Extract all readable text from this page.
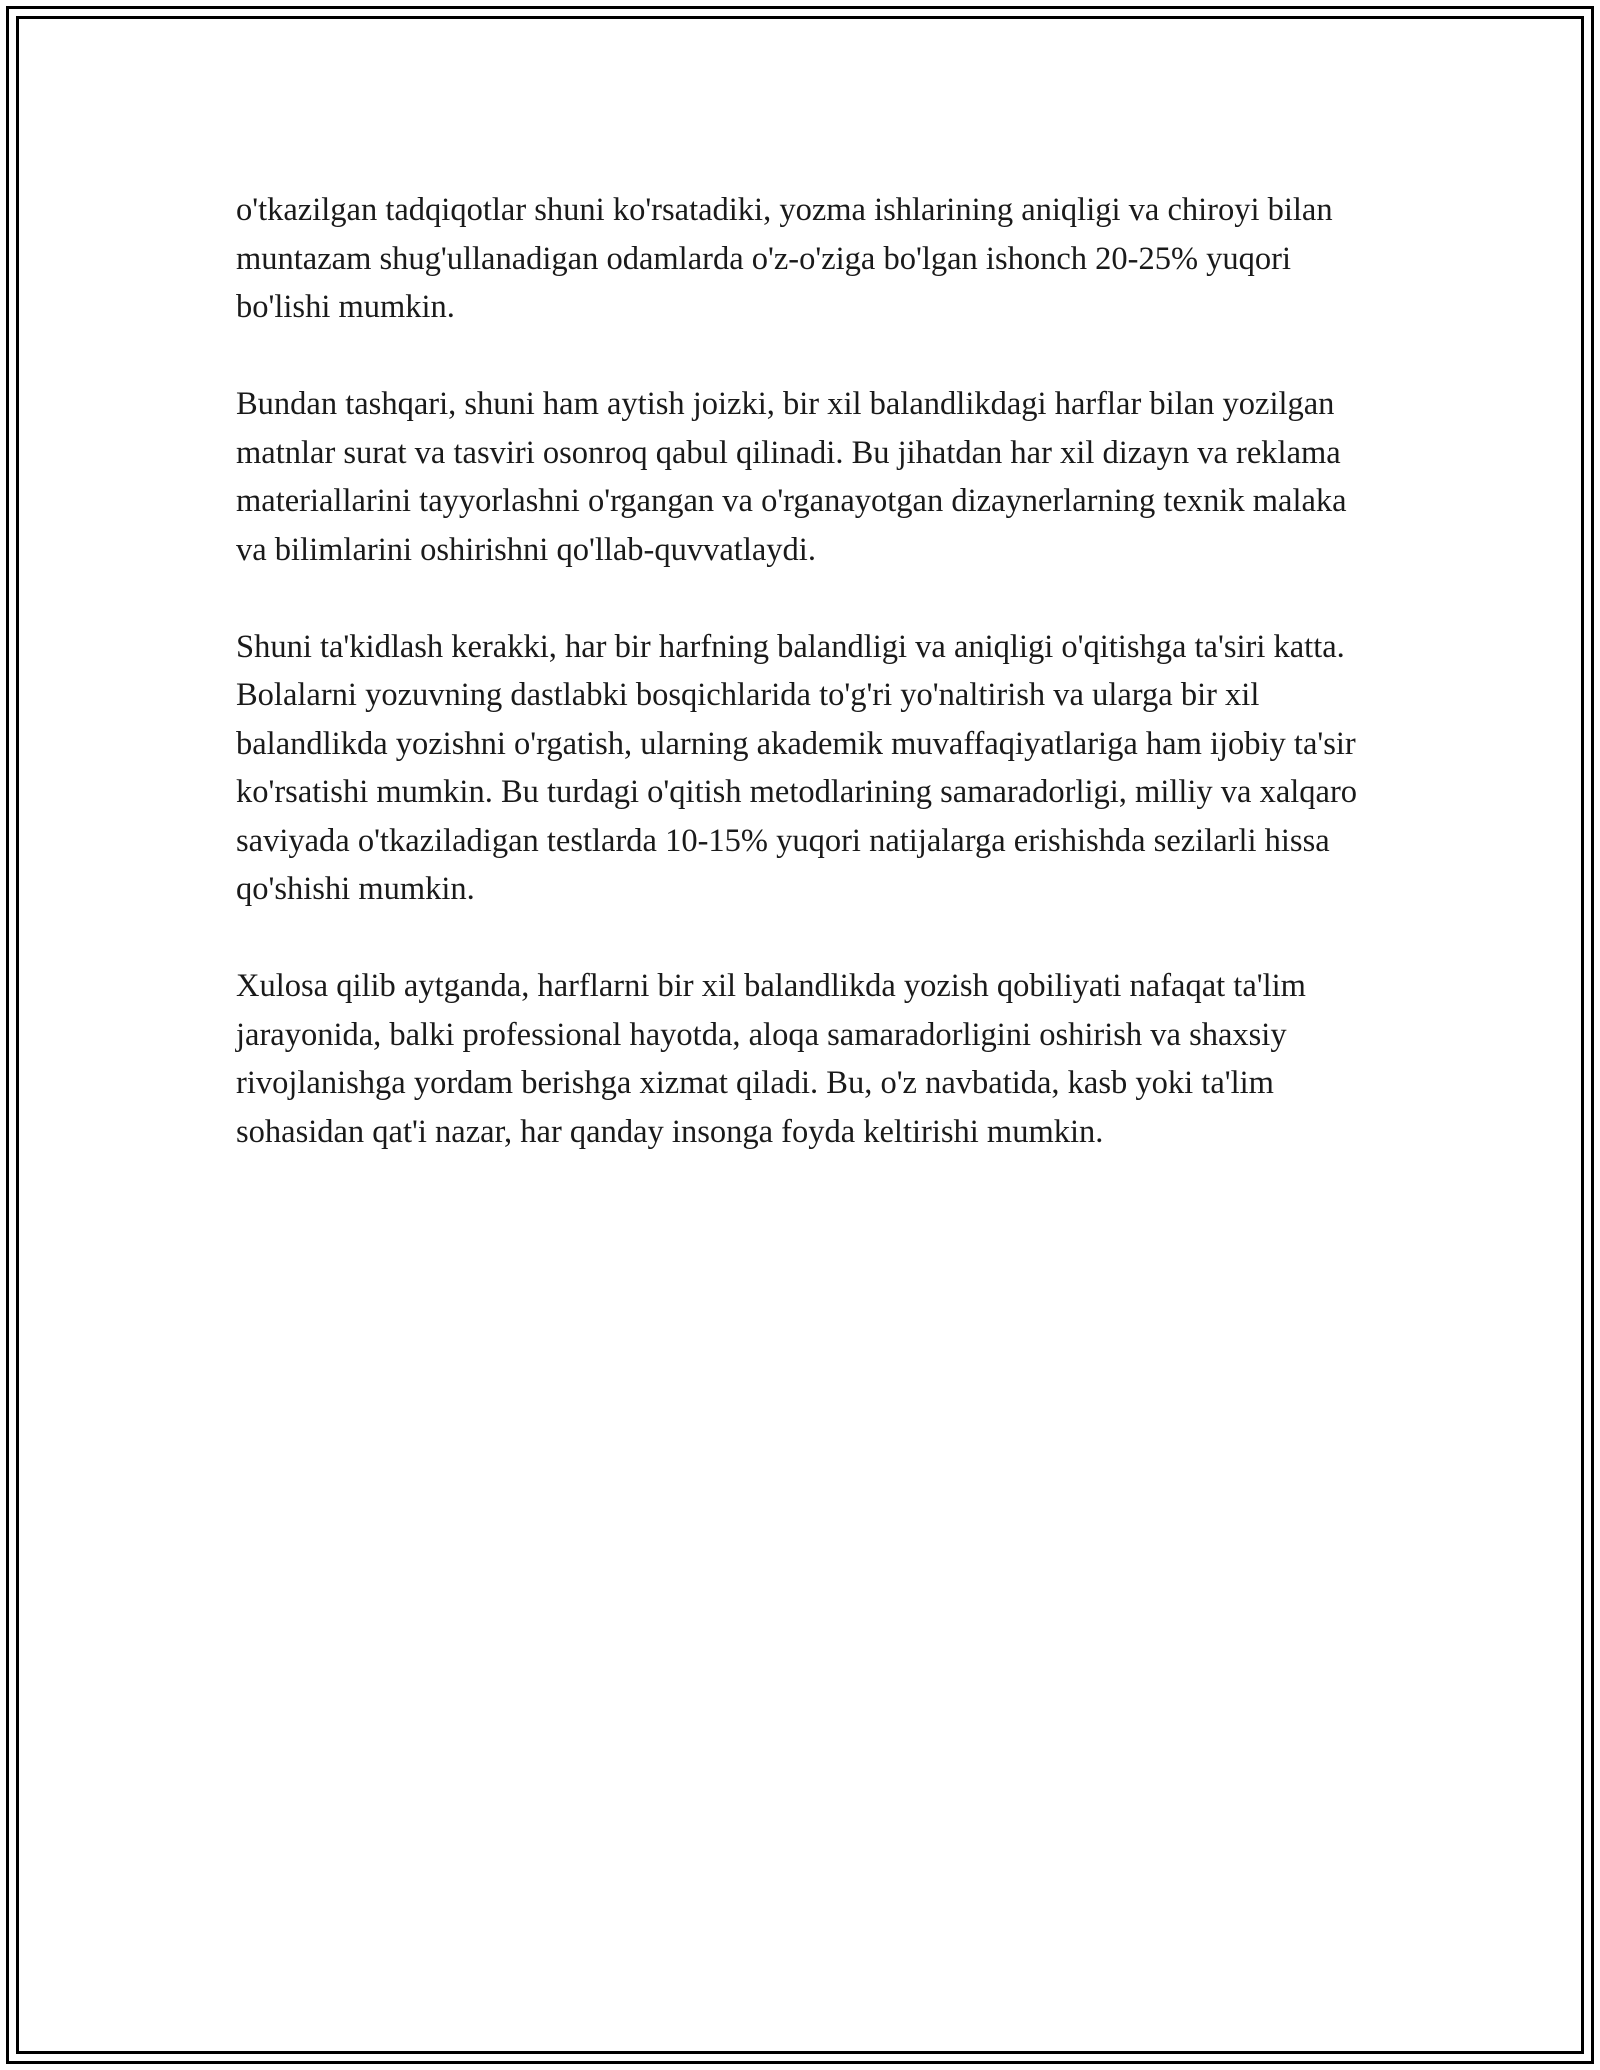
o'tkazilgan tadqiqotlar shuni ko'rsatadiki, yozma ishlarining aniqligi va chiroyi bilan muntazam shug'ullanadigan odamlarda o'z-o'ziga bo'lgan ishonch 20-25% yuqori bo'lishi mumkin.

Bundan tashqari, shuni ham aytish joizki, bir xil balandlikdagi harflar bilan yozilgan matnlar surat va tasviri osonroq qabul qilinadi. Bu jihatdan har xil dizayn va reklama materiallarini tayyorlashni o'rgangan va o'rganayotgan dizaynerlarning texnik malaka va bilimlarini oshirishni qo'llab-quvvatlaydi.

Shuni ta'kidlash kerakki, har bir harfning balandligi va aniqligi o'qitishga ta'siri katta. Bolalarni yozuvning dastlabki bosqichlarida to'g'ri yo'naltirish va ularga bir xil balandlikda yozishni o'rgatish, ularning akademik muvaffaqiyatlariga ham ijobiy ta'sir ko'rsatishi mumkin. Bu turdagi o'qitish metodlarining samaradorligi, milliy va xalqaro saviyada o'tkaziladigan testlarda 10-15% yuqori natijalarga erishishda sezilarli hissa qo'shishi mumkin.

Xulosa qilib aytganda, harflarni bir xil balandlikda yozish qobiliyati nafaqat ta'lim jarayonida, balki professional hayotda, aloqa samaradorligini oshirish va shaxsiy rivojlanishga yordam berishga xizmat qiladi. Bu, o'z navbatida, kasb yoki ta'lim sohasidan qat'i nazar, har qanday insonga foyda keltirishi mumkin.
